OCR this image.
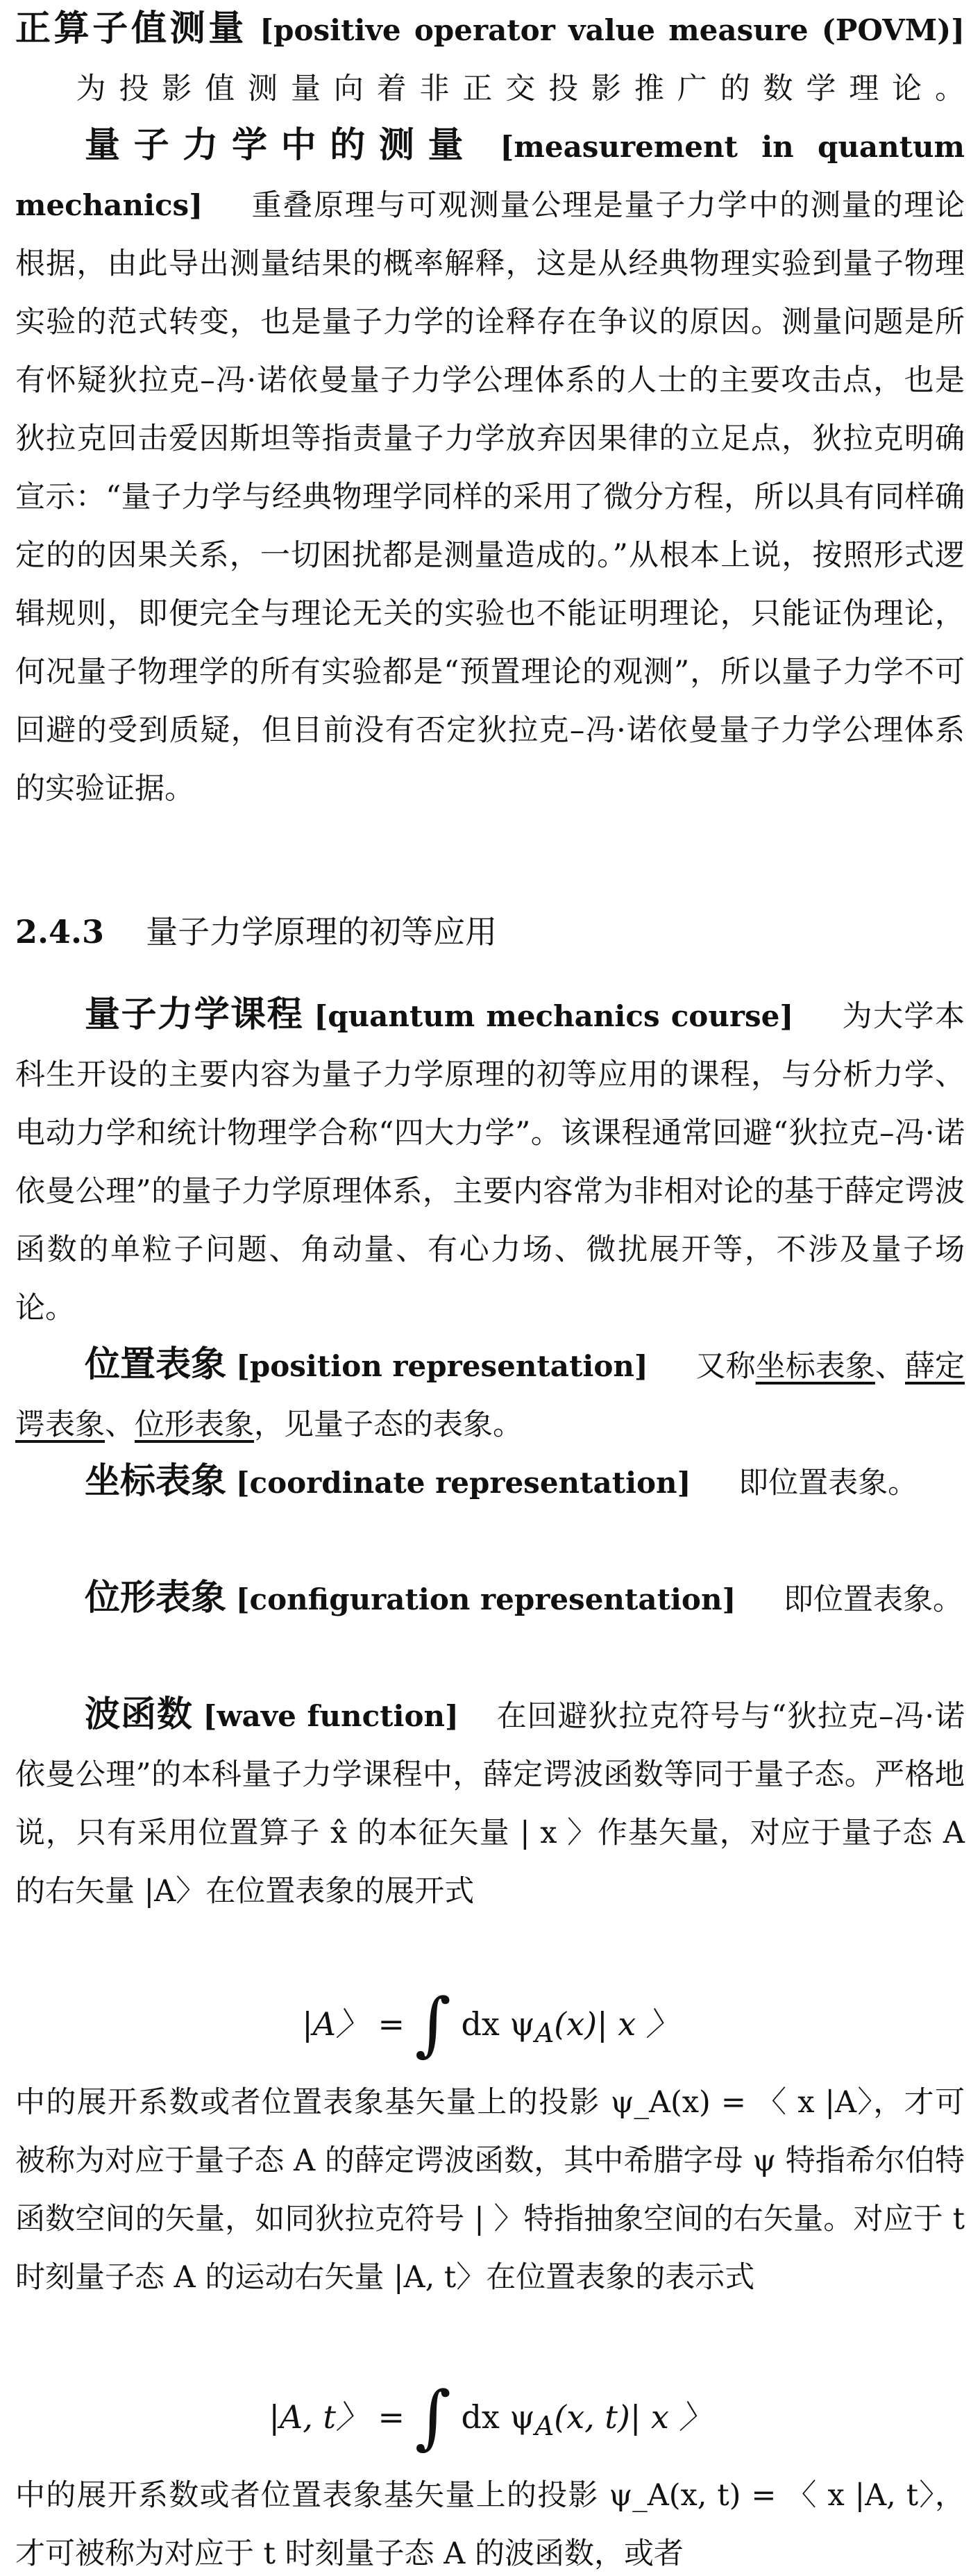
正算子值测量 [positive operator value measure (POVM)] 为投影值测量向着非正交投影推广的数学理论。
量子力学中的测量 [measurement in quantum mechanics] 重叠原理与可观测量公理是量子力学中的测量的理论根据，由此导出测量结果的概率解释，这是从经典物理实验到量子物理实验的范式转变，也是量子力学的诠释存在争议的原因。测量问题是所有怀疑狄拉克–冯·诺依曼量子力学公理体系的人士的主要攻击点，也是狄拉克回击爱因斯坦等指责量子力学放弃因果律的立足点，狄拉克明确宣示：“量子力学与经典物理学同样的采用了微分方程，所以具有同样确定的的因果关系，一切困扰都是测量造成的。”从根本上说，按照形式逻辑规则，即便完全与理论无关的实验也不能证明理论，只能证伪理论，何况量子物理学的所有实验都是“预置理论的观测”，所以量子力学不可回避的受到质疑，但目前没有否定狄拉克–冯·诺依曼量子力学公理体系的实验证据。
2.4.3 量子力学原理的初等应用
量子力学课程 [quantum mechanics course] 为大学本科生开设的主要内容为量子力学原理的初等应用的课程，与分析力学、电动力学和统计物理学合称“四大力学”。该课程通常回避“狄拉克–冯·诺依曼公理”的量子力学原理体系，主要内容常为非相对论的基于薛定谔波函数的单粒子问题、角动量、有心力场、微扰展开等，不涉及量子场论。
位置表象 [position representation] 又称坐标表象、薛定谔表象、位形表象，见量子态的表象。
坐标表象 [coordinate representation] 即位置表象。
位形表象 [configuration representation] 即位置表象。
波函数 [wave function] 在回避狄拉克符号与“狄拉克–冯·诺依曼公理”的本科量子力学课程中，薛定谔波函数等同于量子态。严格地说，只有采用位置算子 x̂ 的本征矢量 | x 〉作基矢量，对应于量子态 A 的右矢量 |A〉在位置表象的展开式
|A〉 = ∫ dx $\psi_A(x)|$ x 〉
中的展开系数或者位置表象基矢量上的投影 ψ_A(x) = 〈 x |A〉，才可被称为对应于量子态 A 的薛定谔波函数，其中希腊字母 ψ 特指希尔伯特函数空间的矢量，如同狄拉克符号 | 〉特指抽象空间的右矢量。对应于 t 时刻量子态 A 的运动右矢量 |A, t〉在位置表象的表示式
|A, t〉 = ∫ dx $\psi_A(x$, t)| x 〉
中的展开系数或者位置表象基矢量上的投影 ψ_A(x, t) = 〈 x |A, t〉，才可被称为对应于 t 时刻量子态 A 的波函数，或者
